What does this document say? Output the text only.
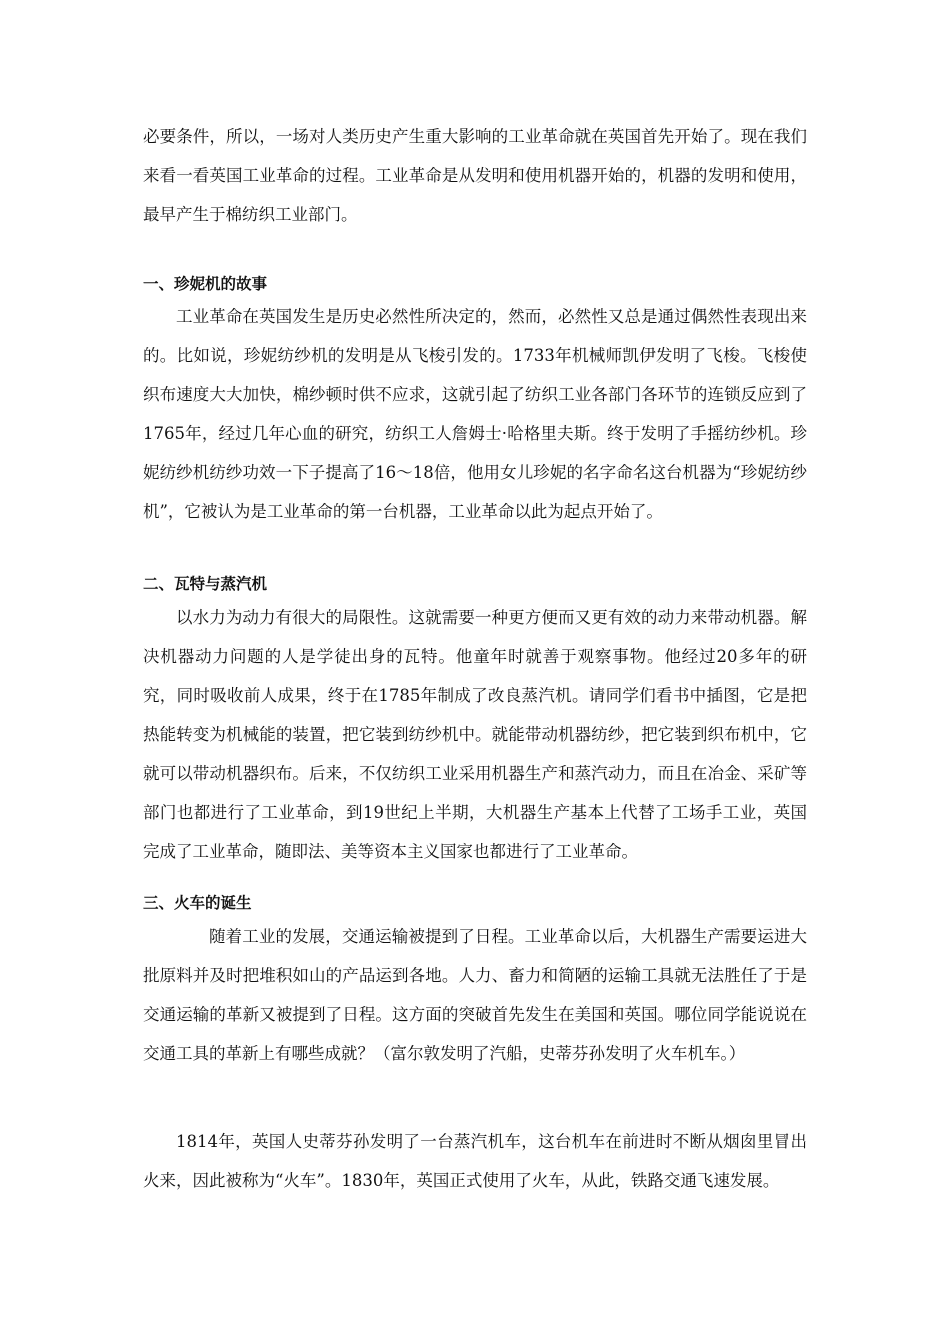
必要条件，所以，一场对人类历史产生重大影响的工业革命就在英国首先开始了。现在我们来看一看英国工业革命的过程。工业革命是从发明和使用机器开始的，机器的发明和使用，最早产生于棉纺织工业部门。

一、珍妮机的故事

工业革命在英国发生是历史必然性所决定的，然而，必然性又总是通过偶然性表现出来的。比如说，珍妮纺纱机的发明是从飞梭引发的。1733年机械师凯伊发明了飞梭。飞梭使织布速度大大加快，棉纱顿时供不应求，这就引起了纺织工业各部门各环节的连锁反应到了1765年，经过几年心血的研究，纺织工人詹姆士·哈格里夫斯。终于发明了手摇纺纱机。珍妮纺纱机纺纱功效一下子提高了16～18倍，他用女儿珍妮的名字命名这台机器为“珍妮纺纱机”，它被认为是工业革命的第一台机器，工业革命以此为起点开始了。

二、瓦特与蒸汽机

以水力为动力有很大的局限性。这就需要一种更方便而又更有效的动力来带动机器。解决机器动力问题的人是学徒出身的瓦特。他童年时就善于观察事物。他经过20多年的研究，同时吸收前人成果，终于在1785年制成了改良蒸汽机。请同学们看书中插图，它是把热能转变为机械能的装置，把它装到纺纱机中。就能带动机器纺纱，把它装到织布机中，它就可以带动机器织布。后来，不仅纺织工业采用机器生产和蒸汽动力，而且在冶金、采矿等部门也都进行了工业革命，到19世纪上半期，大机器生产基本上代替了工场手工业，英国完成了工业革命，随即法、美等资本主义国家也都进行了工业革命。

三、火车的诞生

随着工业的发展，交通运输被提到了日程。工业革命以后，大机器生产需要运进大批原料并及时把堆积如山的产品运到各地。人力、畜力和简陋的运输工具就无法胜任了于是交通运输的革新又被提到了日程。这方面的突破首先发生在美国和英国。哪位同学能说说在交通工具的革新上有哪些成就？（富尔敦发明了汽船，史蒂芬孙发明了火车机车。）

1814年，英国人史蒂芬孙发明了一台蒸汽机车，这台机车在前进时不断从烟囱里冒出火来，因此被称为“火车”。1830年，英国正式使用了火车，从此，铁路交通飞速发展。
